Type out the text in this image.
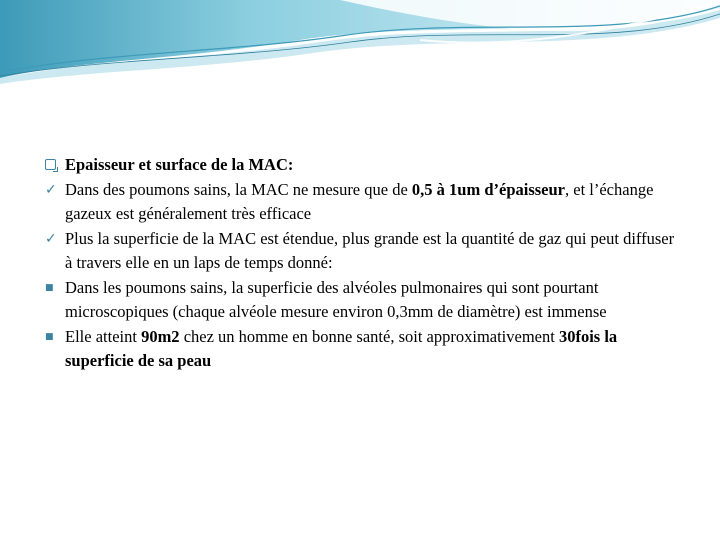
Epaisseur et surface de la MAC:
✓ Dans des poumons sains, la MAC ne mesure que de 0,5 à 1um d’épaisseur, et l’échange gazeux est généralement très efficace
✓ Plus la superficie de la MAC est étendue, plus grande est la quantité de gaz qui peut diffuser à travers elle en un laps de temps donné:
■ Dans les poumons sains, la superficie des alvéoles pulmonaires qui sont pourtant microscopiques (chaque alvéole mesure environ 0,3mm de diamètre) est immense
■ Elle atteint 90m2 chez un homme en bonne santé, soit approximativement 30fois la superficie de sa peau
